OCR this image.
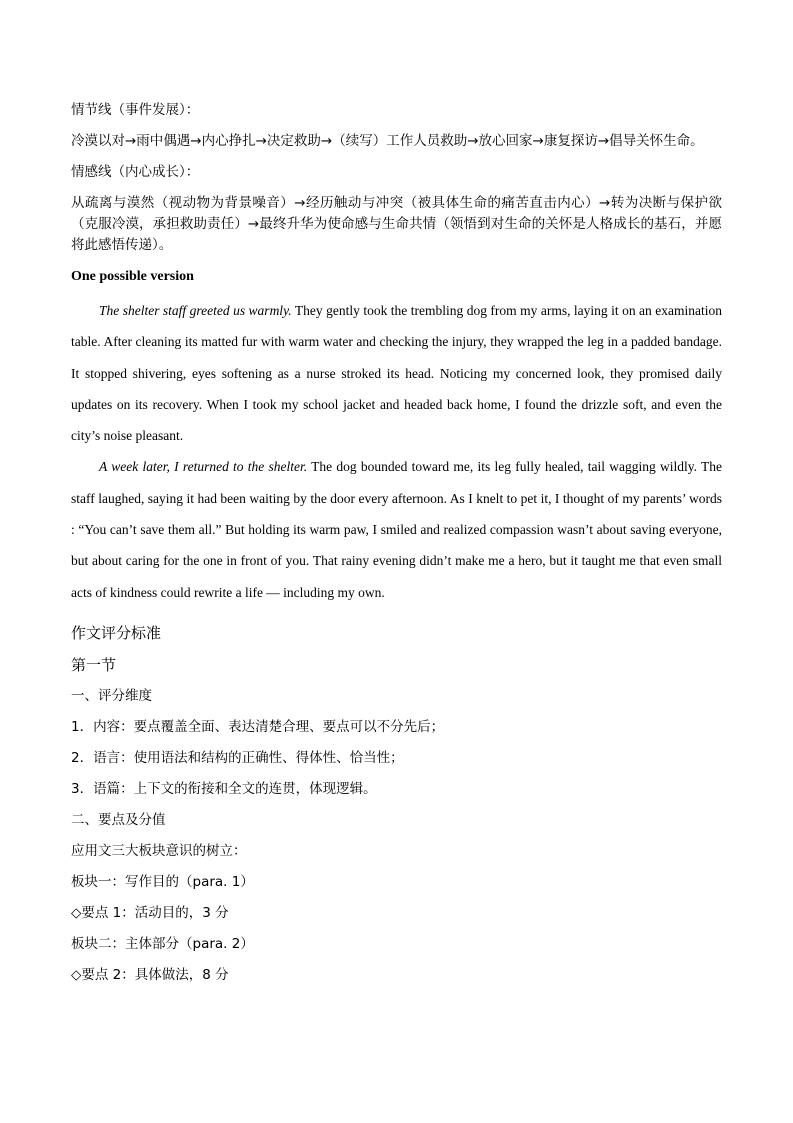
情节线（事件发展）：

冷漠以对→雨中偶遇→内心挣扎→决定救助→（续写）工作人员救助→放心回家→康复探访→倡导关怀生命。

情感线（内心成长）：

从疏离与漠然（视动物为背景噪音）→经历触动与冲突（被具体生命的痛苦直击内心）→转为决断与保护欲（克服冷漠，承担救助责任）→最终升华为使命感与生命共情（领悟到对生命的关怀是人格成长的基石，并愿将此感悟传递）。

One possible version

The shelter staff greeted us warmly. They gently took the trembling dog from my arms, laying it on an examination table. After cleaning its matted fur with warm water and checking the injury, they wrapped the leg in a padded bandage. It stopped shivering, eyes softening as a nurse stroked its head. Noticing my concerned look, they promised daily updates on its recovery. When I took my school jacket and headed back home, I found the drizzle soft, and even the city’s noise pleasant.

A week later, I returned to the shelter. The dog bounded toward me, its leg fully healed, tail wagging wildly. The staff laughed, saying it had been waiting by the door every afternoon. As I knelt to pet it, I thought of my parents’ words : “You can’t save them all.” But holding its warm paw, I smiled and realized compassion wasn’t about saving everyone, but about caring for the one in front of you. That rainy evening didn’t make me a hero, but it taught me that even small acts of kindness could rewrite a life — including my own.

作文评分标准

第一节

一、评分维度

1．内容：要点覆盖全面、表达清楚合理、要点可以不分先后；

2．语言：使用语法和结构的正确性、得体性、恰当性；

3．语篇：上下文的衔接和全文的连贯，体现逻辑。

二、要点及分值

应用文三大板块意识的树立：

板块一：写作目的（para. 1）

◇要点 1：活动目的，3 分

板块二：主体部分（para. 2）

◇要点 2：具体做法，8 分
